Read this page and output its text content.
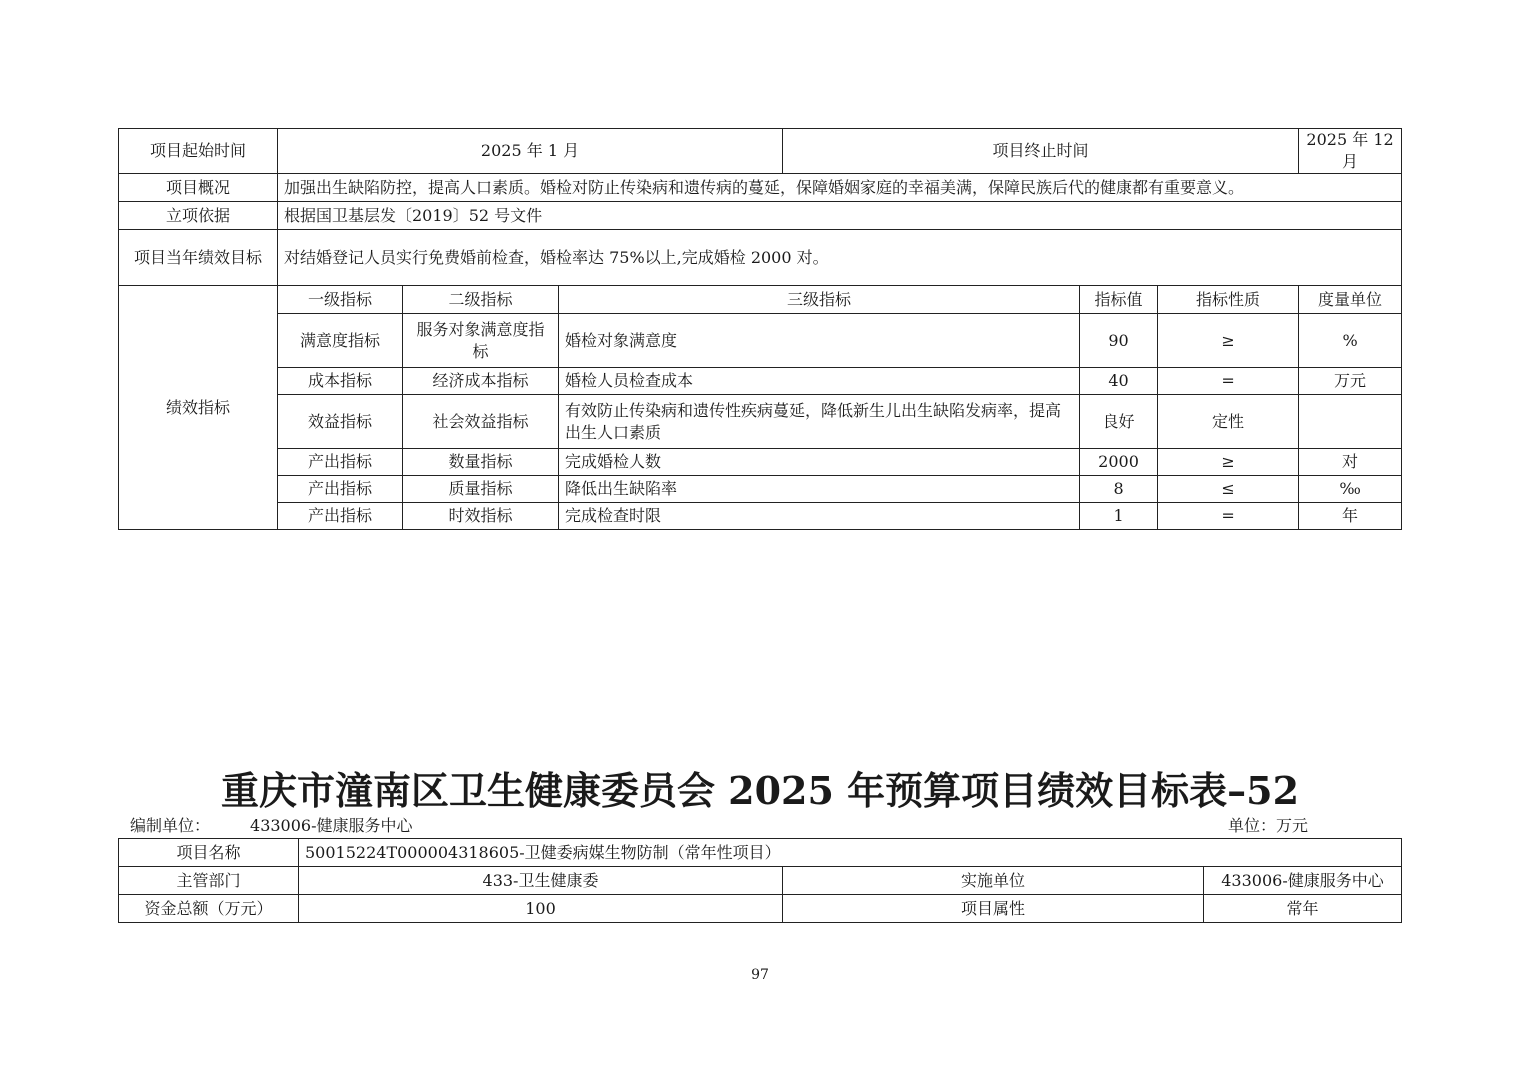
项目起始时间	2025 年 1 月			项目终止时间			2025 年 12 月
项目概况	加强出生缺陷防控，提高人口素质。婚检对防止传染病和遗传病的蔓延，保障婚姻家庭的幸福美满，保障民族后代的健康都有重要意义。						
立项依据	根据国卫基层发〔2019〕52 号文件						
项目当年绩效目标	对结婚登记人员实行免费婚前检查，婚检率达 75%以上,完成婚检 2000 对。						
绩效指标	一级指标	二级指标	三级指标		指标值	指标性质	度量单位
	满意度指标	服务对象满意度指标	婚检对象满意度		90	≥	%
	成本指标	经济成本指标	婚检人员检查成本		40	=	万元
	效益指标	社会效益指标	有效防止传染病和遗传性疾病蔓延，降低新生儿出生缺陷发病率，提高出生人口素质		良好	定性	
	产出指标	数量指标	完成婚检人数		2000	≥	对
	产出指标	质量指标	降低出生缺陷率		8	≤	‰
	产出指标	时效指标	完成检查时限		1	=	年
重庆市潼南区卫生健康委员会 2025 年预算项目绩效目标表–52
编制单位：	433006-健康服务中心	单位：万元
项目名称	50015224T000004318605-卫健委病媒生物防制（常年性项目）		
主管部门	433-卫生健康委	实施单位	433006-健康服务中心
资金总额（万元）	100	项目属性	常年
97
